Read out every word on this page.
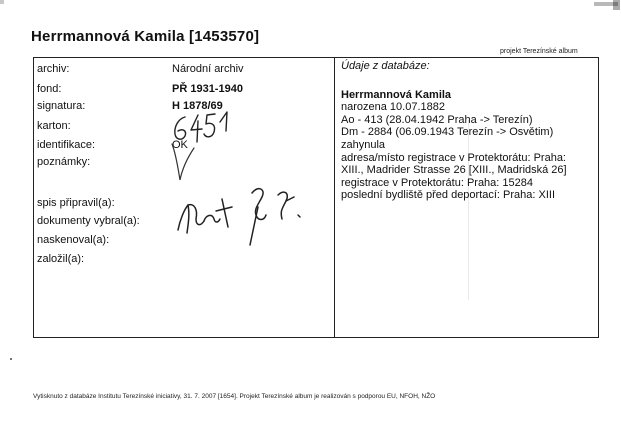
Herrmannová Kamila [1453570]
projekt Terezínské album
archiv:
fond:
signatura:
karton:
identifikace:
poznámky:
spis připravil(a):
dokumenty vybral(a):
naskenoval(a):
založil(a):
Národní archiv
PŘ 1931-1940
H 1878/69
OK
Údaje z databáze:
Herrmannová Kamila
narozena 10.07.1882
Ao - 413 (28.04.1942 Praha -> Terezín)
Dm - 2884 (06.09.1943 Terezín -> Osvětim)
zahynula
adresa/místo registrace v Protektorátu: Praha:
XIII., Madrider Strasse 26 [XIII., Madridská 26]
registrace v Protektorátu: Praha: 15284
poslední bydliště před deportací: Praha: XIII
Vytisknuto z databáze Institutu Terezínské iniciativy, 31. 7. 2007 [1654]. Projekt Terezínské album je realizován s podporou EU, NFOH, NŽO
